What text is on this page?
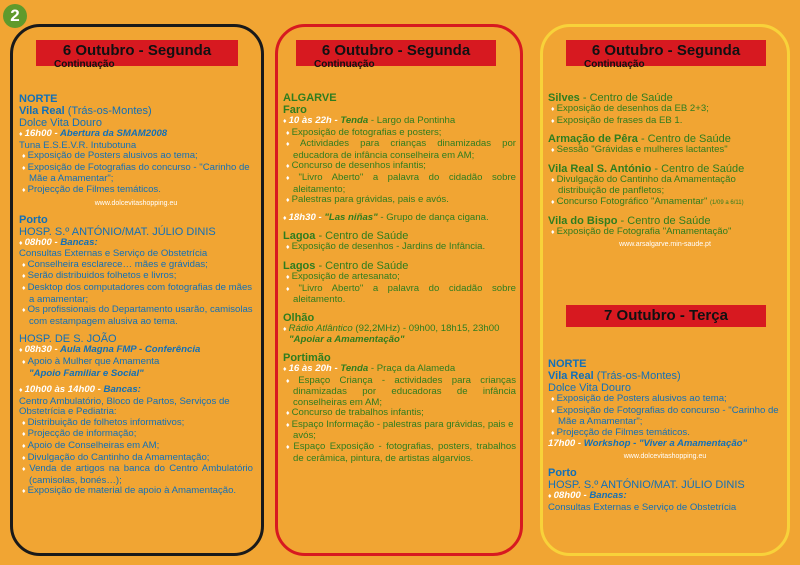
2
6 Outubro - Segunda
Continuação
NORTE
Vila Real (Trás-os-Montes)
Dolce Vita Douro
♦ 16h00 - Abertura da SMAM2008
Tuna E.S.E.V.R. Intubotuna
♦ Exposição de Posters alusivos ao tema;
♦ Exposição de Fotografias do concurso - "Carinho de Mãe a Amamentar";
♦ Projecção de Filmes temáticos.
www.dolcevitashopping.eu
Porto
HOSP. S.º ANTÓNIO/MAT. JÚLIO DINIS
♦ 08h00 - Bancas:
Consultas Externas e Serviço de Obstetrícia
♦ Conselheira esclarece… mães e grávidas;
♦ Serão distribuidos folhetos e livros;
♦ Desktop dos computadores com fotografias de mães a amamentar;
♦ Os profissionais do Departamento usarão, camisolas com estampagem alusiva ao tema.
HOSP. DE S. JOÃO
♦ 08h30 - Aula Magna FMP - Conferência
♦ Apoio à Mulher que Amamenta
"Apoio Familiar e Social"
♦ 10h00 às 14h00 - Bancas:
Centro Ambulatório, Bloco de Partos, Serviços de Obstetrícia e Pediatria:
♦ Distribuição de folhetos informativos;
♦ Projecção de informação;
♦ Apoio de Conselheiras em AM;
♦ Divulgação do Cantinho da Amamentação;
♦ Venda de artigos na banca do Centro Ambulatório (camisolas, bonés…);
♦ Exposição de material de apoio à Amamentação.
6 Outubro - Segunda
Continuação
ALGARVE
Faro
♦ 10 às 22h - Tenda - Largo da Pontinha
♦ Exposição de fotografias e posters;
♦ Actividades para crianças dinamizadas por educadora de infância conselheira em AM;
♦ Concurso de desenhos infantis;
♦ "Livro Aberto" a palavra do cidadão sobre aleitamento;
♦ Palestras para grávidas, pais e avós.
♦ 18h30 - "Las niñas" - Grupo de dança cigana.
Lagoa - Centro de Saúde
♦ Exposição de desenhos - Jardins de Infância.
Lagos - Centro de Saúde
♦ Exposição de artesanato;
♦ "Livro Aberto" a palavra do cidadão sobre aleitamento.
Olhão
♦ Rádio Atlântico (92,2MHz) - 09h00, 18h15, 23h00
"Apoiar a Amamentação"
Portimão
♦ 16 às 20h - Tenda - Praça da Alameda
♦ Espaço Criança - actividades para crianças dinamizadas por educadoras de infância conselheiras em AM;
♦ Concurso de trabalhos infantis;
♦ Espaço Informação - palestras para grávidas, pais e avós;
♦ Espaço Exposição - fotografias, posters, trabalhos de cerâmica, pintura, de artistas algarvios.
6 Outubro - Segunda
Continuação
Silves - Centro de Saúde
♦ Exposição de desenhos da EB 2+3;
♦ Exposição de frases da EB 1.
Armação de Pêra - Centro de Saúde
♦ Sessão "Grávidas e mulheres lactantes"
Vila Real S. António - Centro de Saúde
♦ Divulgação do Cantinho da Amamentação distribuição de panfletos;
♦ Concurso Fotográfico "Amamentar" (1/09 a 6/11)
Vila do Bispo - Centro de Saúde
♦ Exposição de Fotografia "Amamentação"
www.arsalgarve.min-saude.pt
7 Outubro - Terça
NORTE
Vila Real (Trás-os-Montes)
Dolce Vita Douro
♦ Exposição de Posters alusivos ao tema;
♦ Exposição de Fotografias do concurso - "Carinho de Mãe a Amamentar";
♦ Projecção de Filmes temáticos.
17h00 - Workshop - "Viver a Amamentação"
www.dolcevitashopping.eu
Porto
HOSP. S.º ANTÓNIO/MAT. JÚLIO DINIS
♦ 08h00 - Bancas:
Consultas Externas e Serviço de Obstetrícia
